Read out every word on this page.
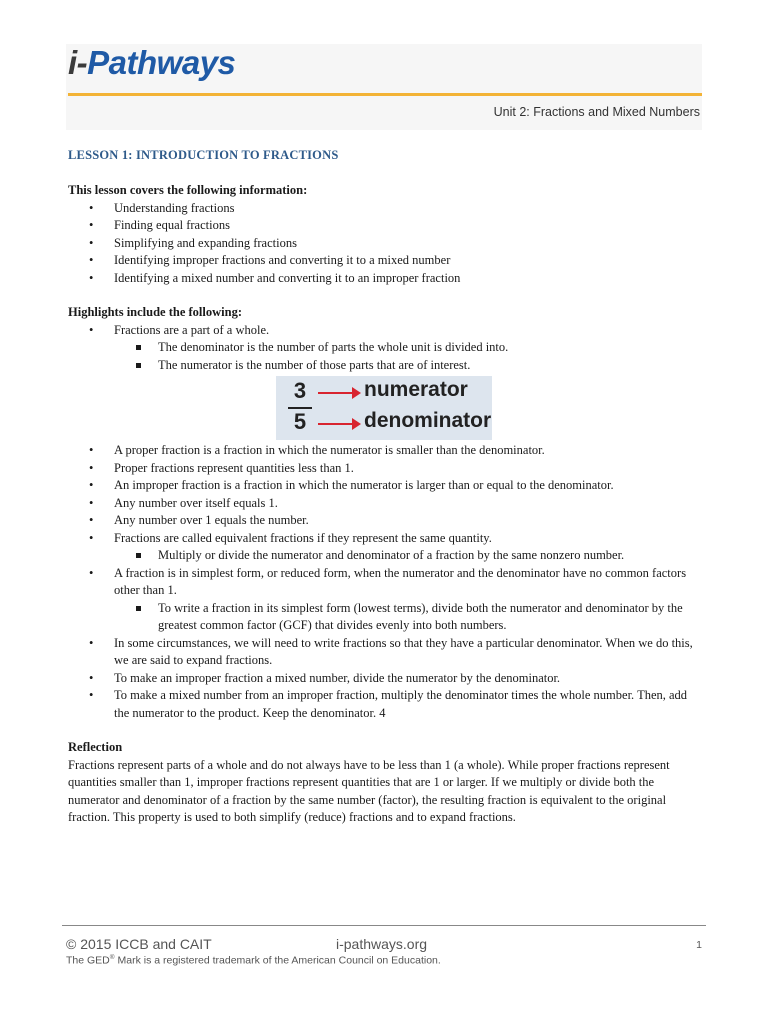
i-Pathways
Unit 2: Fractions and Mixed Numbers
LESSON 1: INTRODUCTION TO FRACTIONS
This lesson covers the following information:
• Understanding fractions
• Finding equal fractions
• Simplifying and expanding fractions
• Identifying improper fractions and converting it to a mixed number
• Identifying a mixed number and converting it to an improper fraction
Highlights include the following:
• Fractions are a part of a whole.
The denominator is the number of parts the whole unit is divided into.
The numerator is the number of those parts that are of interest.
3
5
numerator
denominator
• A proper fraction is a fraction in which the numerator is smaller than the denominator.
• Proper fractions represent quantities less than 1.
• An improper fraction is a fraction in which the numerator is larger than or equal to the denominator.
• Any number over itself equals 1.
• Any number over 1 equals the number.
• Fractions are called equivalent fractions if they represent the same quantity.
Multiply or divide the numerator and denominator of a fraction by the same nonzero number.
• A fraction is in simplest form, or reduced form, when the numerator and the denominator have no common factors other than 1.
To write a fraction in its simplest form (lowest terms), divide both the numerator and denominator by the greatest common factor (GCF) that divides evenly into both numbers.
• In some circumstances, we will need to write fractions so that they have a particular denominator. When we do this, we are said to expand fractions.
• To make an improper fraction a mixed number, divide the numerator by the denominator.
• To make a mixed number from an improper fraction, multiply the denominator times the whole number. Then, add the numerator to the product. Keep the denominator. 4
Reflection

Fractions represent parts of a whole and do not always have to be less than 1 (a whole). While proper fractions represent quantities smaller than 1, improper fractions represent quantities that are 1 or larger. If we multiply or divide both the numerator and denominator of a fraction by the same number (factor), the resulting fraction is equivalent to the original fraction. This property is used to both simplify (reduce) fractions and to expand fractions.

© 2015 ICCB and CAIT	i-pathways.org	1
The GED® Mark is a registered trademark of the American Council on Education.
